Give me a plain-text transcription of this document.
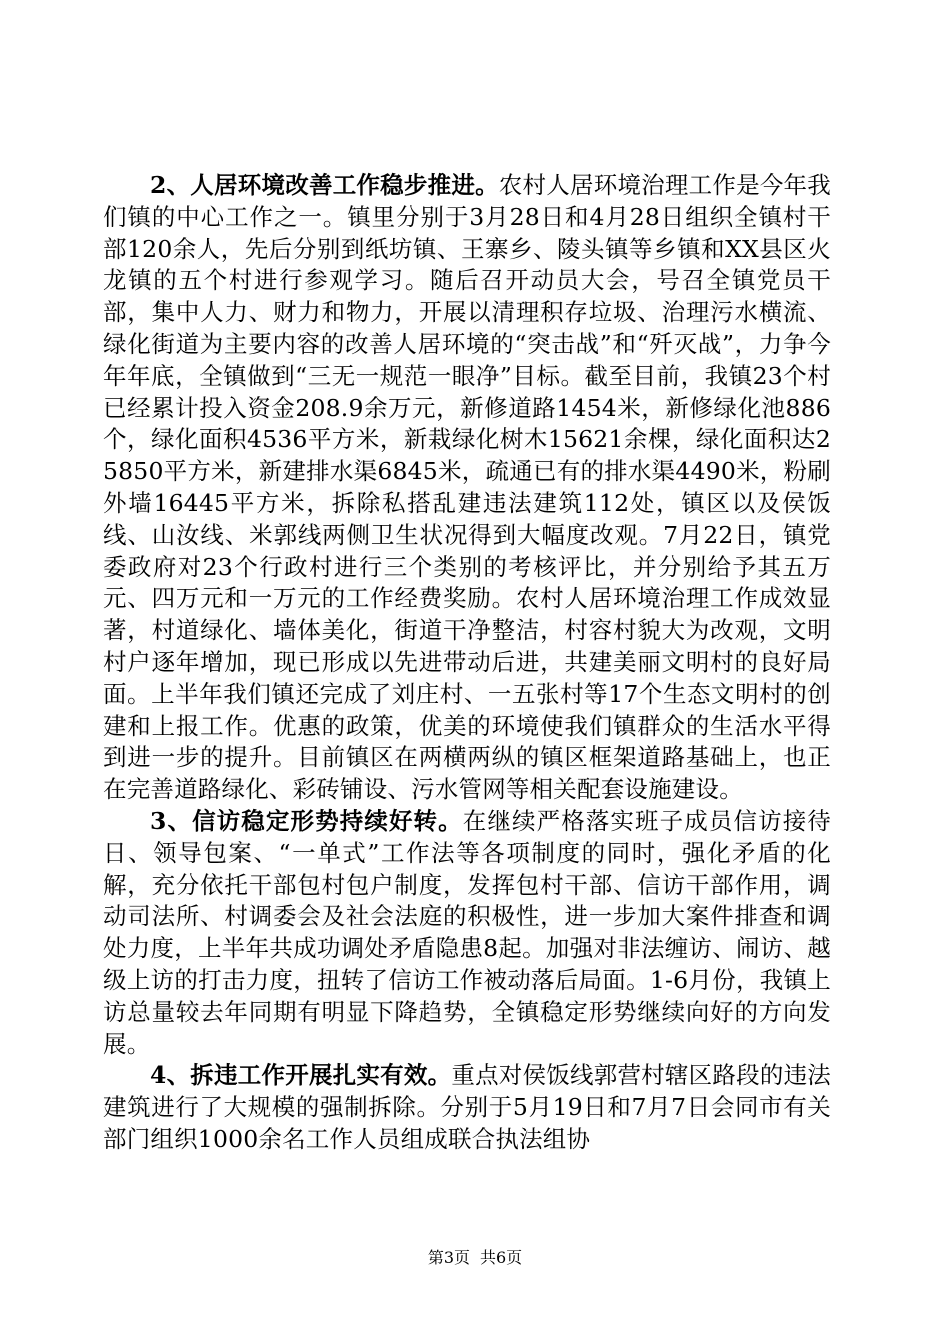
2、人居环境改善工作稳步推进。农村人居环境治理工作是今年我们镇的中心工作之一。镇里分别于3月28日和4月28日组织全镇村干部120余人，先后分别到纸坊镇、王寨乡、陵头镇等乡镇和XX县区火龙镇的五个村进行参观学习。随后召开动员大会，号召全镇党员干部，集中人力、财力和物力，开展以清理积存垃圾、治理污水横流、绿化街道为主要内容的改善人居环境的“突击战”和“歼灭战”，力争今年年底，全镇做到“三无一规范一眼净”目标。截至目前，我镇23个村已经累计投入资金208.9余万元，新修道路1454米，新修绿化池886个，绿化面积4536平方米，新栽绿化树木15621余棵，绿化面积达25850平方米，新建排水渠6845米，疏通已有的排水渠4490米，粉刷外墙16445平方米，拆除私搭乱建违法建筑112处，镇区以及侯饭线、山汝线、米郭线两侧卫生状况得到大幅度改观。7月22日，镇党委政府对23个行政村进行三个类别的考核评比，并分别给予其五万元、四万元和一万元的工作经费奖励。农村人居环境治理工作成效显著，村道绿化、墙体美化，街道干净整洁，村容村貌大为改观，文明村户逐年增加，现已形成以先进带动后进，共建美丽文明村的良好局面。上半年我们镇还完成了刘庄村、一五张村等17个生态文明村的创建和上报工作。优惠的政策，优美的环境使我们镇群众的生活水平得到进一步的提升。目前镇区在两横两纵的镇区框架道路基础上，也正在完善道路绿化、彩砖铺设、污水管网等相关配套设施建设。

3、信访稳定形势持续好转。在继续严格落实班子成员信访接待日、领导包案、“一单式”工作法等各项制度的同时，强化矛盾的化解，充分依托干部包村包户制度，发挥包村干部、信访干部作用，调动司法所、村调委会及社会法庭的积极性，进一步加大案件排查和调处力度，上半年共成功调处矛盾隐患8起。加强对非法缠访、闹访、越级上访的打击力度，扭转了信访工作被动落后局面。1-6月份，我镇上访总量较去年同期有明显下降趋势，全镇稳定形势继续向好的方向发展。

4、拆违工作开展扎实有效。重点对侯饭线郭营村辖区路段的违法建筑进行了大规模的强制拆除。分别于5月19日和7月7日会同市有关部门组织1000余名工作人员组成联合执法组协

第3页 共6页
